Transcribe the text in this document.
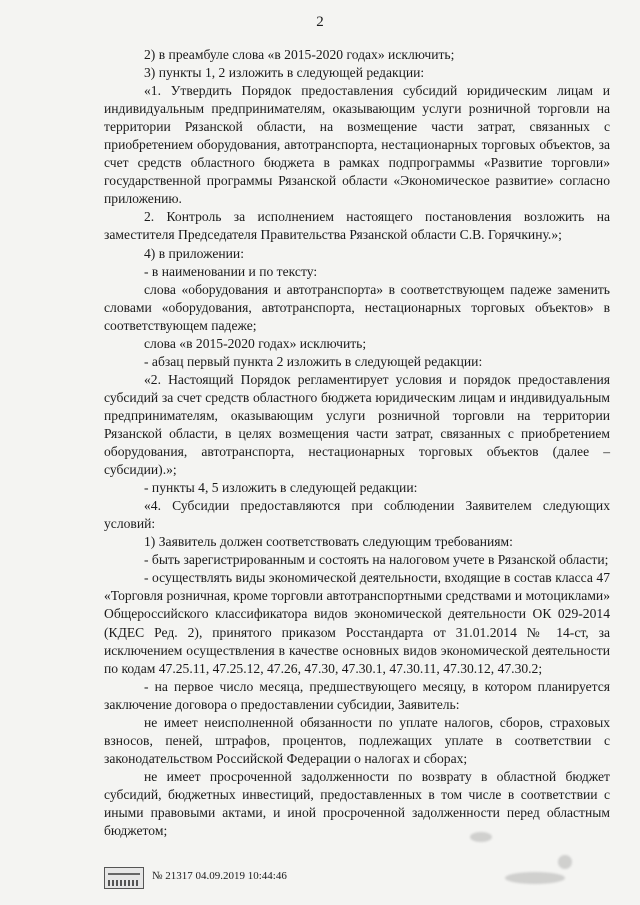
2

2) в преамбуле слова «в 2015-2020 годах» исключить;

3) пункты 1, 2 изложить в следующей редакции:

«1. Утвердить Порядок предоставления субсидий юридическим лицам и индивидуальным предпринимателям, оказывающим услуги розничной торговли на территории Рязанской области, на возмещение части затрат, связанных с приобретением оборудования, автотранспорта, нестационарных торговых объектов, за счет средств областного бюджета в рамках подпрограммы «Развитие торговли» государственной программы Рязанской области «Экономическое развитие» согласно приложению.

2. Контроль за исполнением настоящего постановления возложить на заместителя Председателя Правительства Рязанской области С.В. Горячкину.»;

4) в приложении:

- в наименовании и по тексту:

слова «оборудования и автотранспорта» в соответствующем падеже заменить словами «оборудования, автотранспорта, нестационарных торговых объектов» в соответствующем падеже;

слова «в 2015-2020 годах» исключить;

- абзац первый пункта 2 изложить в следующей редакции:

«2. Настоящий Порядок регламентирует условия и порядок предоставления субсидий за счет средств областного бюджета юридическим лицам и индивидуальным предпринимателям, оказывающим услуги розничной торговли на территории Рязанской области, в целях возмещения части затрат, связанных с приобретением оборудования, автотранспорта, нестационарных торговых объектов (далее – субсидии).»;

- пункты 4, 5 изложить в следующей редакции:

«4. Субсидии предоставляются при соблюдении Заявителем следующих условий:

1) Заявитель должен соответствовать следующим требованиям:

- быть зарегистрированным и состоять на налоговом учете в Рязанской области;

- осуществлять виды экономической деятельности, входящие в состав класса 47 «Торговля розничная, кроме торговли автотранспортными средствами и мотоциклами» Общероссийского классификатора видов экономической деятельности ОК 029-2014 (КДЕС Ред. 2), принятого приказом Росстандарта от 31.01.2014 № 14-ст, за исключением осуществления в качестве основных видов экономической деятельности по кодам 47.25.11, 47.25.12, 47.26, 47.30, 47.30.1, 47.30.11, 47.30.12, 47.30.2;

- на первое число месяца, предшествующего месяцу, в котором планируется заключение договора о предоставлении субсидии, Заявитель:

не имеет неисполненной обязанности по уплате налогов, сборов, страховых взносов, пеней, штрафов, процентов, подлежащих уплате в соответствии с законодательством Российской Федерации о налогах и сборах;

не имеет просроченной задолженности по возврату в областной бюджет субсидий, бюджетных инвестиций, предоставленных в том числе в соответствии с иными правовыми актами, и иной просроченной задолженности перед областным бюджетом;

№ 21317 04.09.2019 10:44:46
